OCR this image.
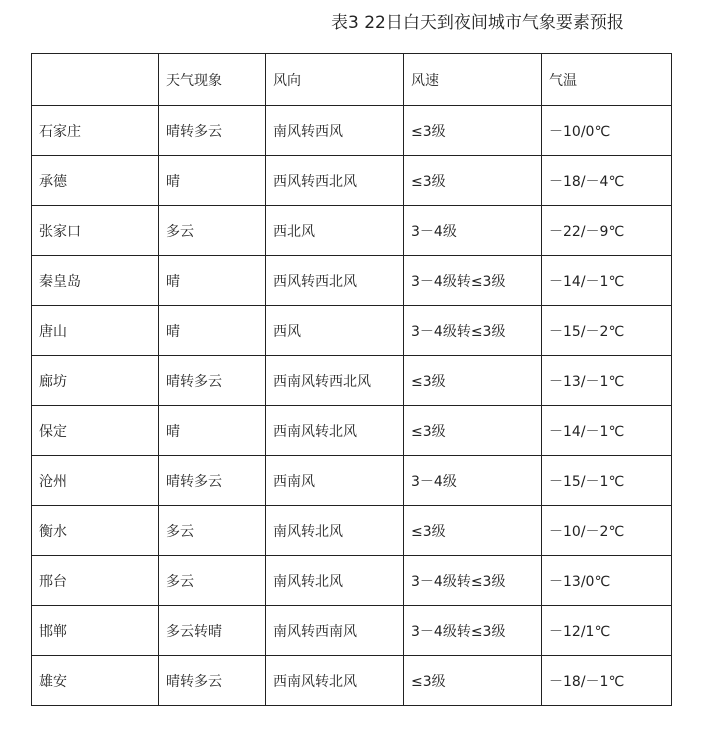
表3 22日白天到夜间城市气象要素预报
	天气现象	风向	风速	气温
石家庄	晴转多云	南风转西风	≤3级	－10/0℃
承德	晴	西风转西北风	≤3级	－18/－4℃
张家口	多云	西北风	3－4级	－22/－9℃
秦皇岛	晴	西风转西北风	3－4级转≤3级	－14/－1℃
唐山	晴	西风	3－4级转≤3级	－15/－2℃
廊坊	晴转多云	西南风转西北风	≤3级	－13/－1℃
保定	晴	西南风转北风	≤3级	－14/－1℃
沧州	晴转多云	西南风	3－4级	－15/－1℃
衡水	多云	南风转北风	≤3级	－10/－2℃
邢台	多云	南风转北风	3－4级转≤3级	－13/0℃
邯郸	多云转晴	南风转西南风	3－4级转≤3级	－12/1℃
雄安	晴转多云	西南风转北风	≤3级	－18/－1℃
